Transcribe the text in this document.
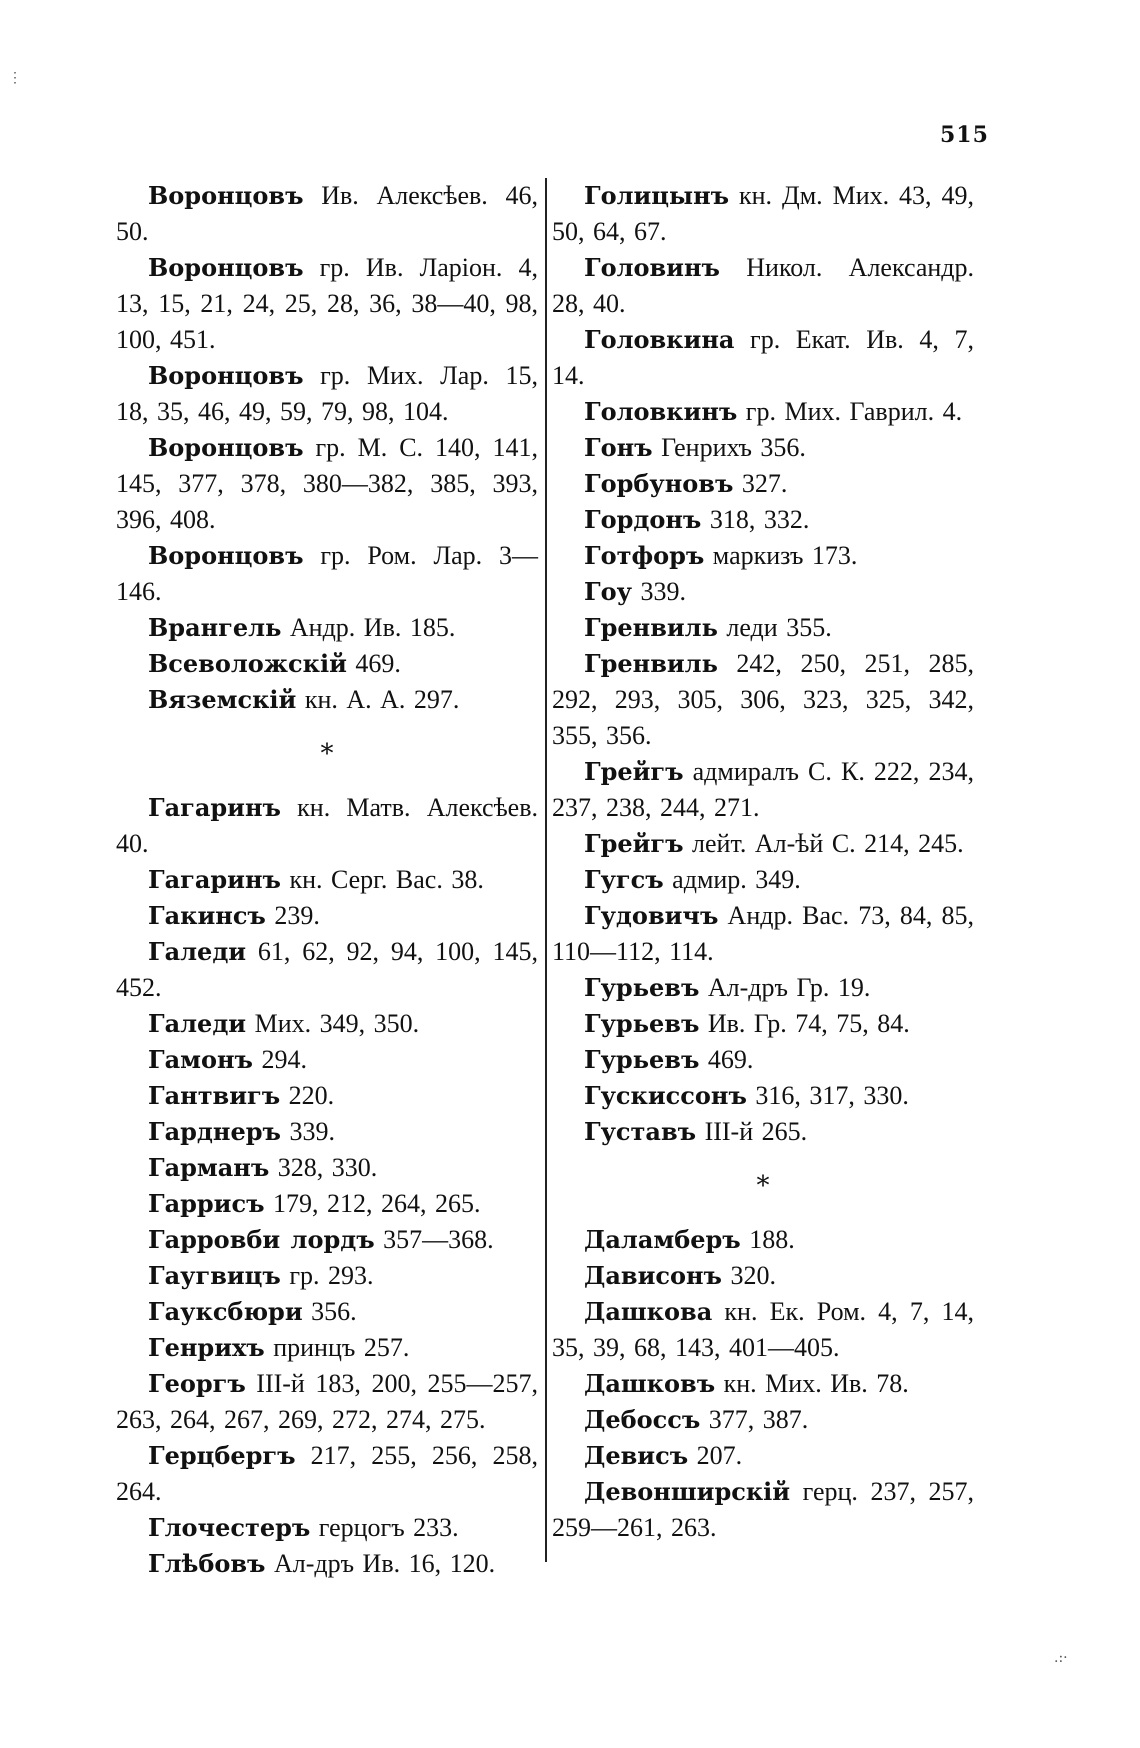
515

Воронцовъ Ив. Алексѣев. 46, 50.

Воронцовъ гр. Ив. Ларіон. 4, 13, 15, 21, 24, 25, 28, 36, 38—40, 98, 100, 451.

Воронцовъ гр. Мих. Лар. 15, 18, 35, 46, 49, 59, 79, 98, 104.

Воронцовъ гр. М. С. 140, 141, 145, 377, 378, 380—382, 385, 393, 396, 408.

Воронцовъ гр. Ром. Лар. 3—146.

Врангель Андр. Ив. 185.

Всеволожскій 469.

Вяземскій кн. А. А. 297.

*

Гагаринъ кн. Матв. Алексѣев. 40.

Гагаринъ кн. Серг. Вас. 38.

Гакинсъ 239.

Галеди 61, 62, 92, 94, 100, 145, 452.

Галеди Мих. 349, 350.

Гамонъ 294.

Гантвигъ 220.

Гарднеръ 339.

Гарманъ 328, 330.

Гаррисъ 179, 212, 264, 265.

Гарровби лордъ 357—368.

Гаугвицъ гр. 293.

Гауксбюри 356.

Генрихъ принцъ 257.

Георгъ III-й 183, 200, 255—257, 263, 264, 267, 269, 272, 274, 275.

Герцбергъ 217, 255, 256, 258, 264.

Глочестеръ герцогъ 233.

Глѣбовъ Ал-дръ Ив. 16, 120.

Голицынъ кн. Дм. Мих. 43, 49, 50, 64, 67.

Головинъ Никол. Александр. 28, 40.

Головкина гр. Екат. Ив. 4, 7, 14.

Головкинъ гр. Мих. Гаврил. 4.

Гонъ Генрихъ 356.

Горбуновъ 327.

Гордонъ 318, 332.

Готфоръ маркизъ 173.

Гоу 339.

Гренвиль леди 355.

Гренвиль 242, 250, 251, 285, 292, 293, 305, 306, 323, 325, 342, 355, 356.

Грейгъ адмиралъ С. К. 222, 234, 237, 238, 244, 271.

Грейгъ лейт. Ал-ѣй С. 214, 245.

Гугсъ адмир. 349.

Гудовичъ Андр. Вас. 73, 84, 85, 110—112, 114.

Гурьевъ Ал-дръ Гр. 19.

Гурьевъ Ив. Гр. 74, 75, 84.

Гурьевъ 469.

Гускиссонъ 316, 317, 330.

Густавъ III-й 265.

*

Даламберъ 188.

Дависонъ 320.

Дашкова кн. Ек. Ром. 4, 7, 14, 35, 39, 68, 143, 401—405.

Дашковъ кн. Мих. Ив. 78.

Дебоссъ 377, 387.

Девисъ 207.

Девонширскій герц. 237, 257, 259—261, 263.

⋮
.:·
